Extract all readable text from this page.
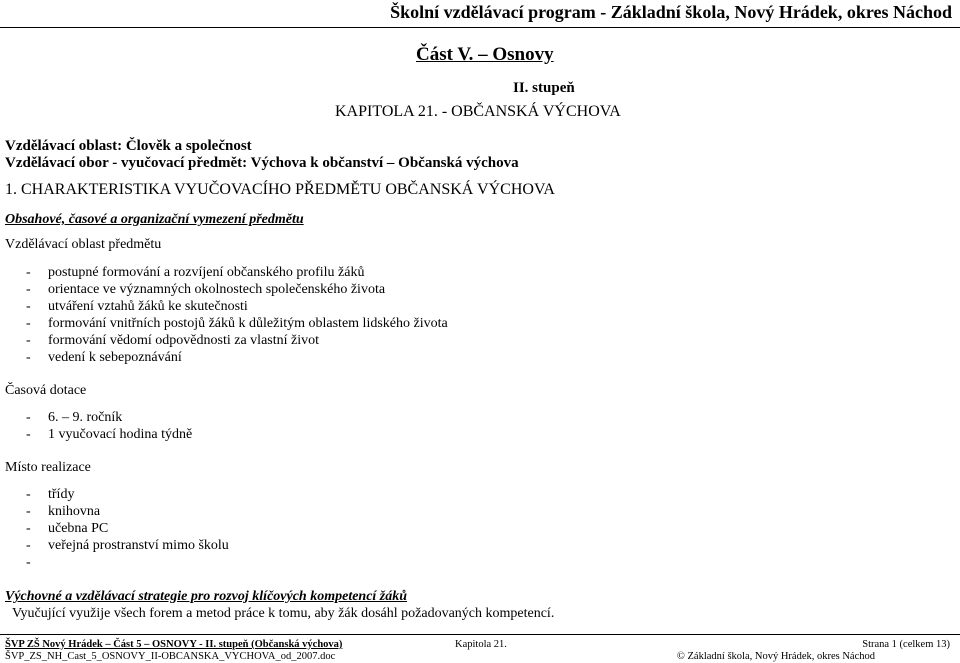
Školní vzdělávací program - Základní škola, Nový Hrádek, okres Náchod
Část V. – Osnovy
II. stupeň
KAPITOLA 21. - OBČANSKÁ VÝCHOVA
Vzdělávací oblast: Člověk a společnost
Vzdělávací obor - vyučovací předmět: Výchova k občanství – Občanská výchova
1. CHARAKTERISTIKA VYUČOVACÍHO PŘEDMĚTU OBČANSKÁ VÝCHOVA
Obsahové, časové a organizační vymezení předmětu
Vzdělávací oblast předmětu
- postupné formování a rozvíjení občanského profilu žáků
- orientace ve významných okolnostech společenského života
- utváření vztahů žáků ke skutečnosti
- formování vnitřních postojů žáků k důležitým oblastem lidského života
- formování vědomí odpovědnosti za vlastní život
- vedení k sebepoznávání
Časová dotace
- 6. – 9. ročník
- 1 vyučovací hodina týdně
Místo realizace
- třídy
- knihovna
- učebna PC
- veřejná prostranství mimo školu
-
Výchovné a vzdělávací strategie pro rozvoj klíčových kompetencí žáků
Vyučující využije všech forem a metod práce k tomu, aby žák dosáhl požadovaných kompetencí.
ŠVP ZŠ Nový Hrádek – Část 5 – OSNOVY - II. stupeň (Občanská výchova)	Kapitola 21.	Strana 1 (celkem 13)
ŠVP_ZS_NH_Cast_5_OSNOVY_II-OBCANSKA_VYCHOVA_od_2007.doc	© Základní škola, Nový Hrádek, okres Náchod
